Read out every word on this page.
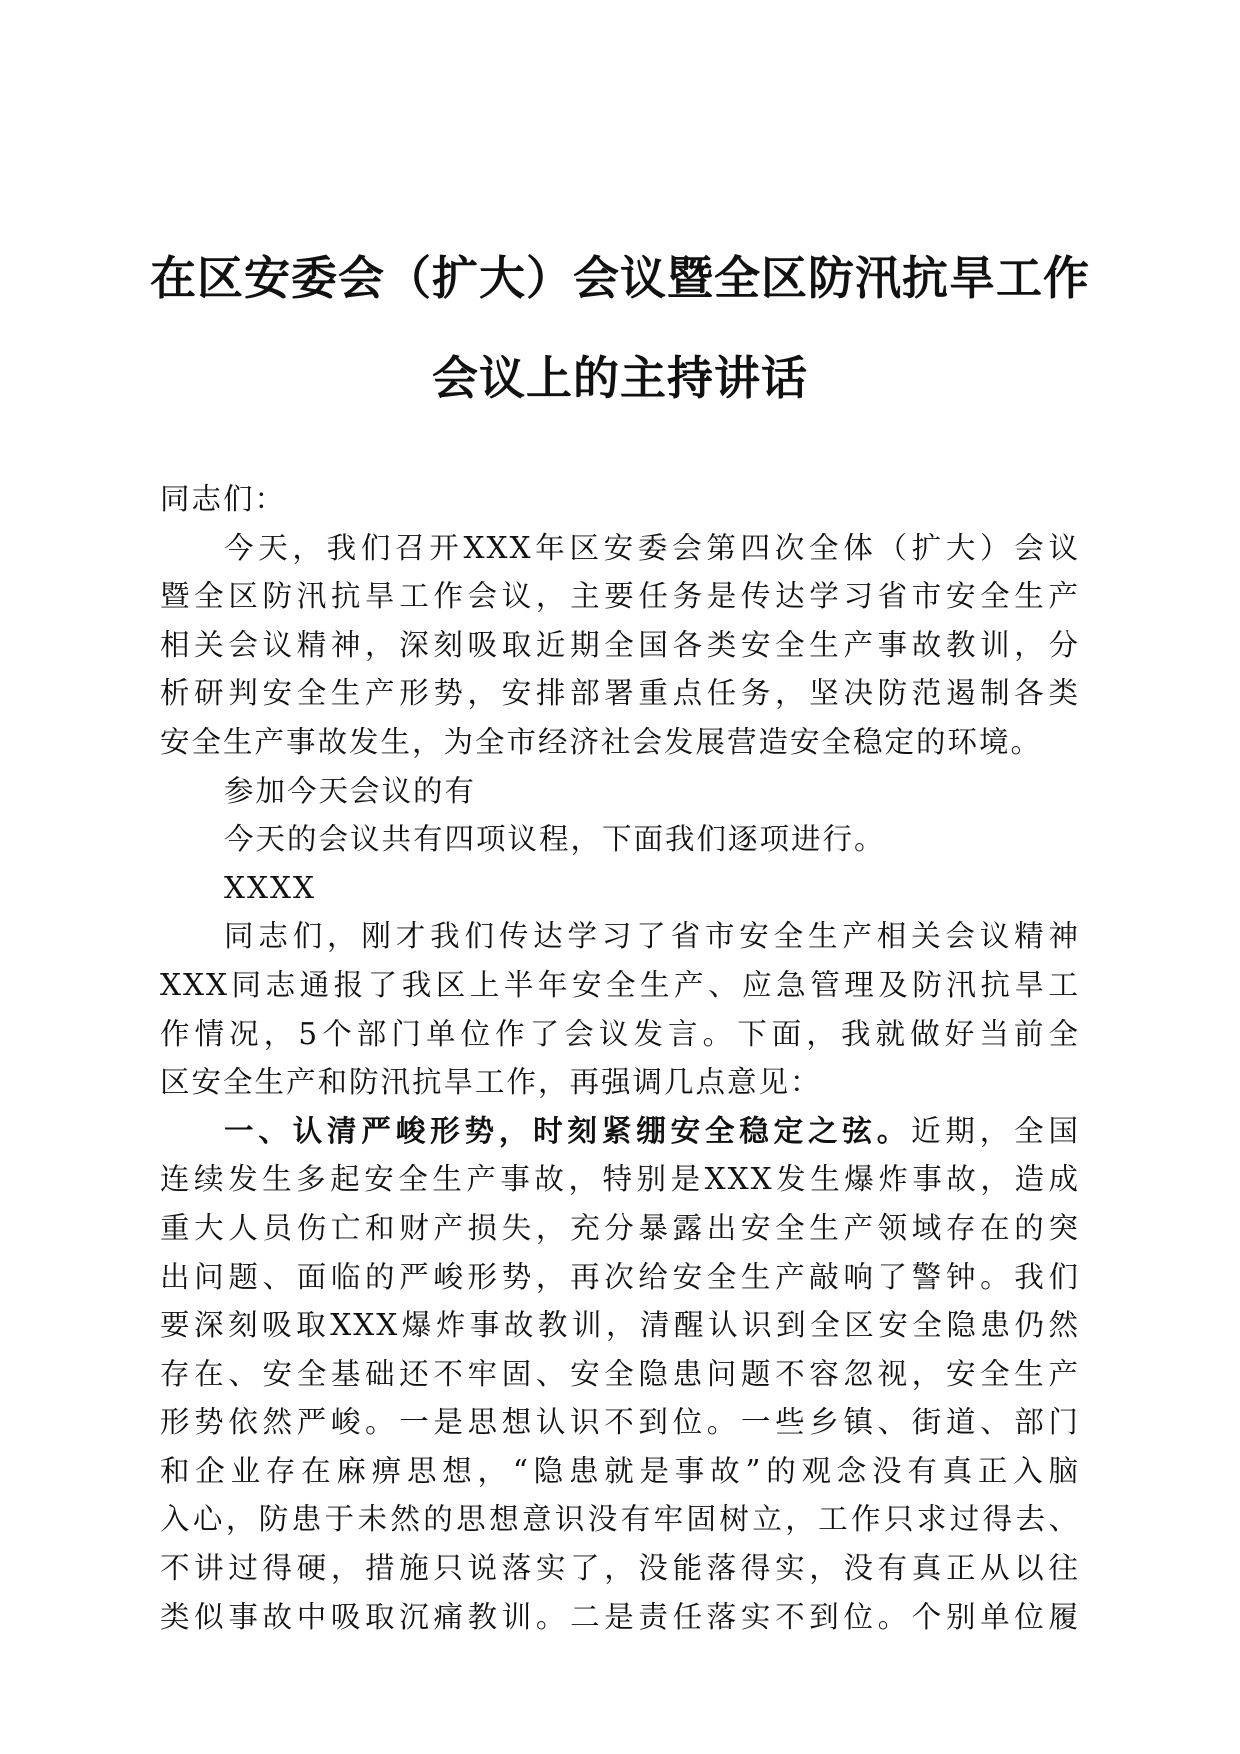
在区安委会（扩大）会议暨全区防汛抗旱工作
会议上的主持讲话
同志们：
今天，我们召开XXX年区安委会第四次全体（扩大）会议
暨全区防汛抗旱工作会议，主要任务是传达学习省市安全生产
相关会议精神，深刻吸取近期全国各类安全生产事故教训，分
析研判安全生产形势，安排部署重点任务，坚决防范遏制各类
安全生产事故发生，为全市经济社会发展营造安全稳定的环境。
参加今天会议的有
今天的会议共有四项议程，下面我们逐项进行。
XXXX
同志们，刚才我们传达学习了省市安全生产相关会议精神
XXX同志通报了我区上半年安全生产、应急管理及防汛抗旱工
作情况，5个部门单位作了会议发言。下面，我就做好当前全
区安全生产和防汛抗旱工作，再强调几点意见：
一、认清严峻形势，时刻紧绷安全稳定之弦。近期，全国
连续发生多起安全生产事故，特别是XXX发生爆炸事故，造成
重大人员伤亡和财产损失，充分暴露出安全生产领域存在的突
出问题、面临的严峻形势，再次给安全生产敲响了警钟。我们
要深刻吸取XXX爆炸事故教训，清醒认识到全区安全隐患仍然
存在、安全基础还不牢固、安全隐患问题不容忽视，安全生产
形势依然严峻。一是思想认识不到位。一些乡镇、街道、部门
和企业存在麻痹思想，“隐患就是事故”的观念没有真正入脑
入心，防患于未然的思想意识没有牢固树立，工作只求过得去、
不讲过得硬，措施只说落实了，没能落得实，没有真正从以往
类似事故中吸取沉痛教训。二是责任落实不到位。个别单位履
